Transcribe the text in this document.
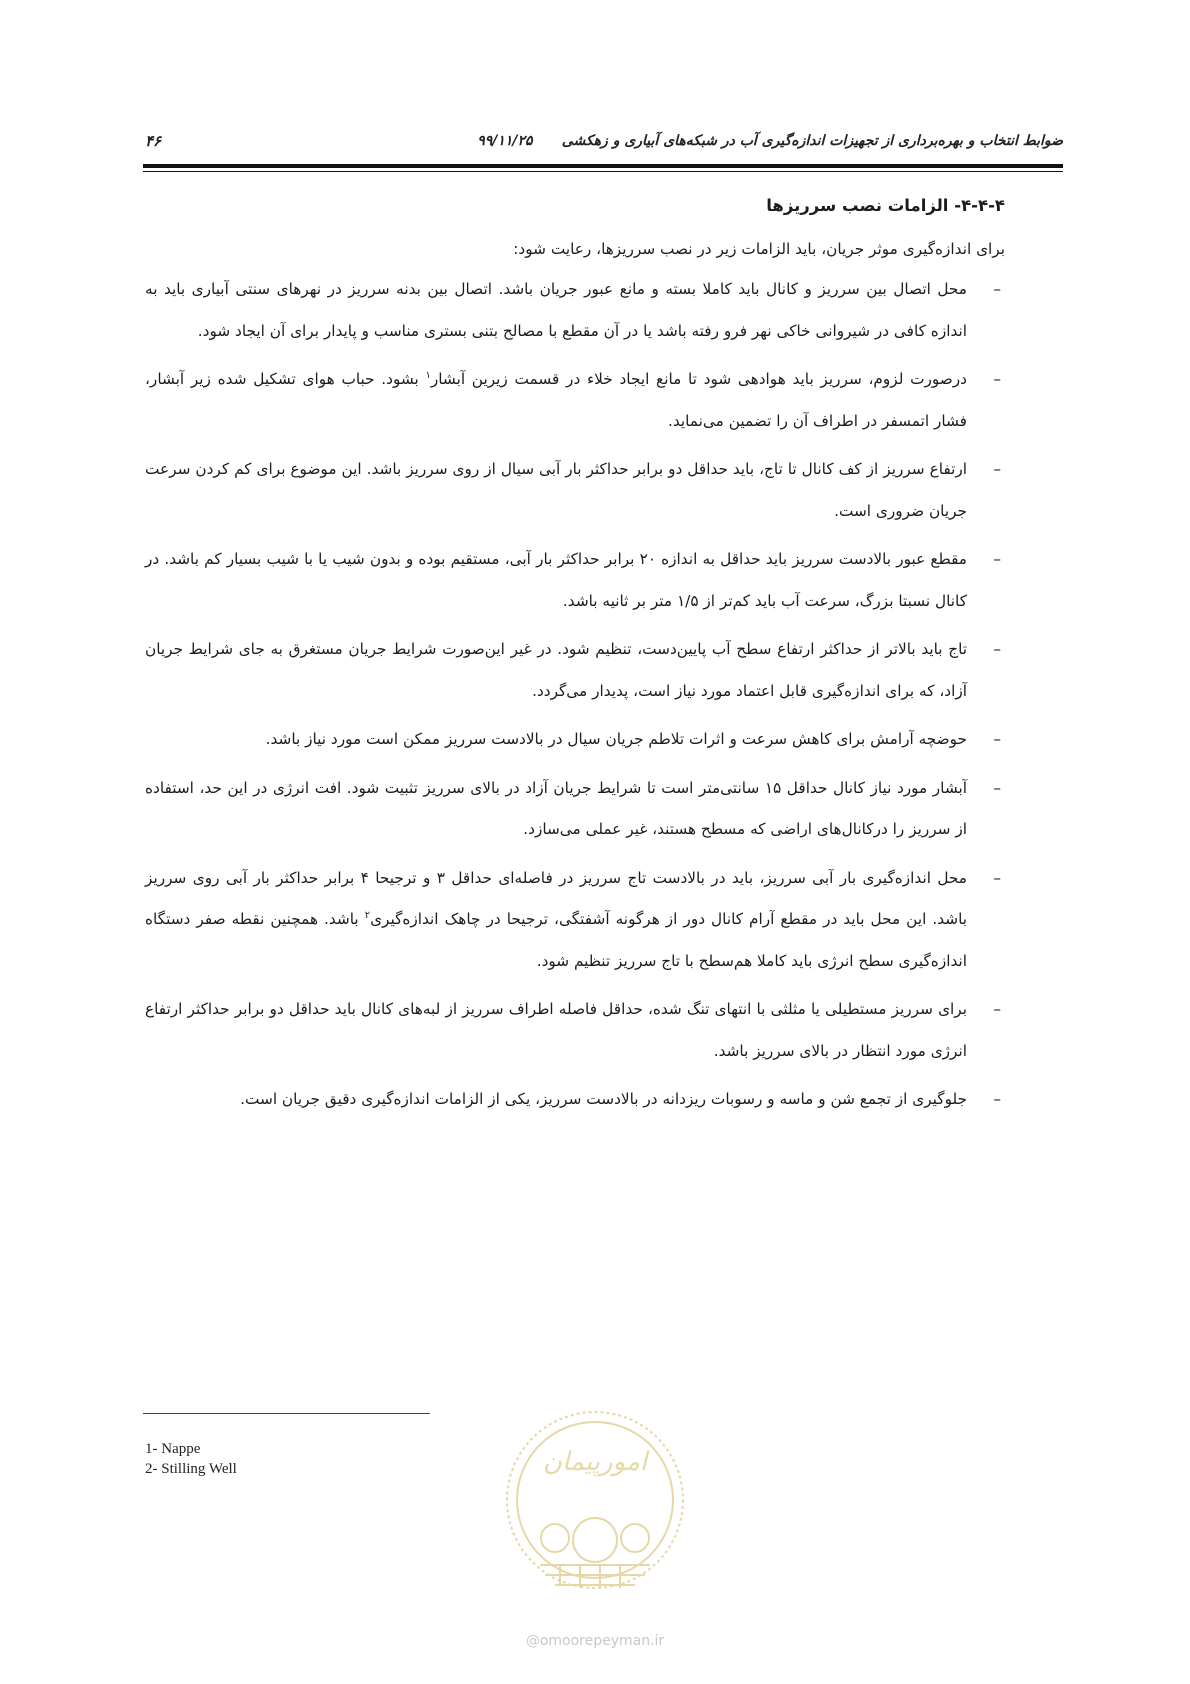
ضوابط انتخاب و بهره‌برداری از تجهیزات اندازه‌گیری آب در شبکه‌های آبیاری و زهکشی      ۹۹/۱۱/۲۵
۴۶
۴-۴-۴- الزامات نصب سرریزها

برای اندازه‌گیری موثر جریان، باید الزامات زیر در نصب سرریزها، رعایت شود:

–
محل اتصال بین سرریز و کانال باید کاملا بسته و مانع عبور جریان باشد. اتصال بین بدنه سرریز در نهرهای سنتی آبیاری باید به اندازه کافی در شیروانی خاکی نهر فرو رفته باشد یا در آن مقطع با مصالح بتنی بستری مناسب و پایدار برای آن ایجاد شود.
–
درصورت لزوم، سرریز باید هوادهی شود تا مانع ایجاد خلاء در قسمت زیرین آبشار$^۱$ بشود. حباب هوای تشکیل شده زیر آبشار، فشار اتمسفر در اطراف آن را تضمین می‌نماید.
–
ارتفاع سرریز از کف کانال تا تاج، باید حداقل دو برابر حداکثر بار آبی سیال از روی سرریز باشد. این موضوع برای کم کردن سرعت جریان ضروری است.
–
مقطع عبور بالادست سرریز باید حداقل به اندازه ۲۰ برابر حداکثر بار آبی، مستقیم بوده و بدون شیب یا با شیب بسیار کم باشد. در کانال نسبتا بزرگ، سرعت آب باید کم‌تر از ۱/۵ متر بر ثانیه باشد.
–
تاج باید بالاتر از حداکثر ارتفاع سطح آب پایین‌دست، تنظیم شود. در غیر این‌صورت شرایط جریان مستغرق به جای شرایط جریان آزاد، که برای اندازه‌گیری قابل اعتماد مورد نیاز است، پدیدار می‌گردد.
–
حوضچه آرامش برای کاهش سرعت و اثرات تلاطم جریان سیال در بالادست سرریز ممکن است مورد نیاز باشد.
–
آبشار مورد نیاز کانال حداقل ۱۵ سانتی‌متر است تا شرایط جریان آزاد در بالای سرریز تثبیت شود. افت انرژی در این حد، استفاده از سرریز را درکانال‌های اراضی که مسطح هستند، غیر عملی می‌سازد.
–
محل اندازه‌گیری بار آبی سرریز، باید در بالادست تاج سرریز در فاصله‌ای حداقل ۳ و ترجیحا ۴ برابر حداکثر بار آبی روی سرریز باشد. این محل باید در مقطع آرام کانال دور از هرگونه آشفتگی، ترجیحا در چاهک اندازه‌گیری$^۲$ باشد. همچنین نقطه صفر دستگاه اندازه‌گیری سطح انرژی باید کاملا هم‌سطح با تاج سرریز تنظیم شود.
–
برای سرریز مستطیلی یا مثلثی با انتهای تنگ شده، حداقل فاصله اطراف سرریز از لبه‌های کانال باید حداقل دو برابر حداکثر ارتفاع انرژی مورد انتظار در بالای سرریز باشد.
–
جلوگیری از تجمع شن و ماسه و رسوبات ریزدانه در بالادست سرریز، یکی از الزامات اندازه‌گیری دقیق جریان است.
1- Nappe
2- Stilling Well	امورپیمان
@omoorepeyman.ir
